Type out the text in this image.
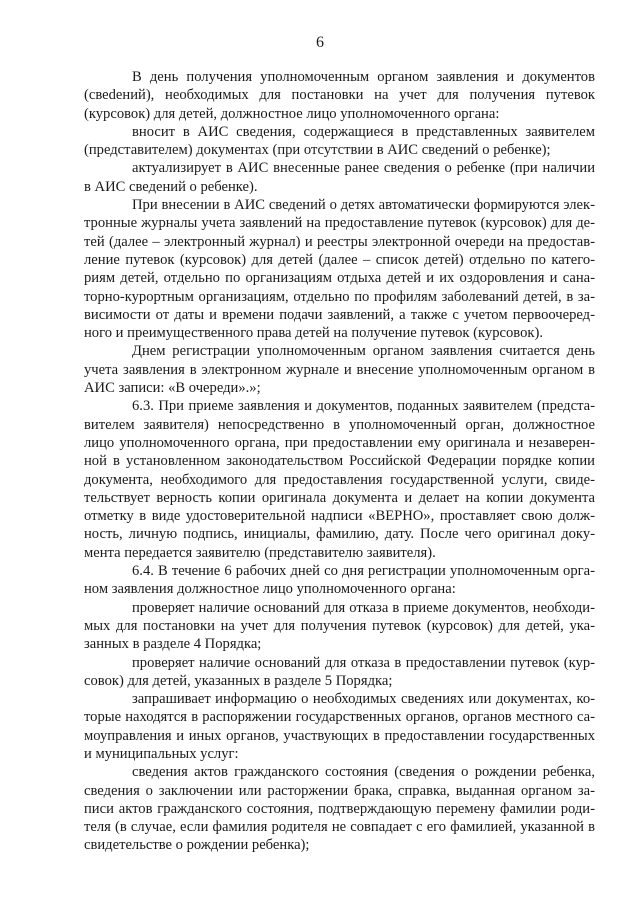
6

В день получения уполномоченным органом заявления и документов (свеdений), необходимых для постановки на учет для получения путевок (курсовок) для детей, должностное лицо уполномоченного органа:

вносит в АИС сведения, содержащиеся в представленных заявителем (представителем) документах (при отсутствии в АИС сведений о ребенке);

актуализирует в АИС внесенные ранее сведения о ребенке (при наличии в АИС сведений о ребенке).

При внесении в АИС сведений о детях автоматически формируются электронные журналы учета заявлений на предоставление путевок (курсовок) для детей (далее – электронный журнал) и реестры электронной очереди на предоставление путевок (курсовок) для детей (далее – список детей) отдельно по категориям детей, отдельно по организациям отдыха детей и их оздоровления и санаторно-курортным организациям, отдельно по профилям заболеваний детей, в зависимости от даты и времени подачи заявлений, а также с учетом первоочередного и преимущественного права детей на получение путевок (курсовок).

Днем регистрации уполномоченным органом заявления считается день учета заявления в электронном журнале и внесение уполномоченным органом в АИС записи: «В очереди».»;

6.3. При приеме заявления и документов, поданных заявителем (представителем заявителя) непосредственно в уполномоченный орган, должностное лицо уполномоченного органа, при предоставлении ему оригинала и незаверенной в установленном законодательством Российской Федерации порядке копии документа, необходимого для предоставления государственной услуги, свидетельствует верность копии оригинала документа и делает на копии документа отметку в виде удостоверительной надписи «ВЕРНО», проставляет свою должность, личную подпись, инициалы, фамилию, дату. После чего оригинал документа передается заявителю (представителю заявителя).

6.4. В течение 6 рабочих дней со дня регистрации уполномоченным органом заявления должностное лицо уполномоченного органа:

проверяет наличие оснований для отказа в приеме документов, необходимых для постановки на учет для получения путевок (курсовок) для детей, указанных в разделе 4 Порядка;

проверяет наличие оснований для отказа в предоставлении путевок (курсовок) для детей, указанных в разделе 5 Порядка;

запрашивает информацию о необходимых сведениях или документах, которые находятся в распоряжении государственных органов, органов местного самоуправления и иных органов, участвующих в предоставлении государственных и муниципальных услуг:

сведения актов гражданского состояния (сведения о рождении ребенка, сведения о заключении или расторжении брака, справка, выданная органом записи актов гражданского состояния, подтверждающую перемену фамилии родителя (в случае, если фамилия родителя не совпадает с его фамилией, указанной в свидетельстве о рождении ребенка);
